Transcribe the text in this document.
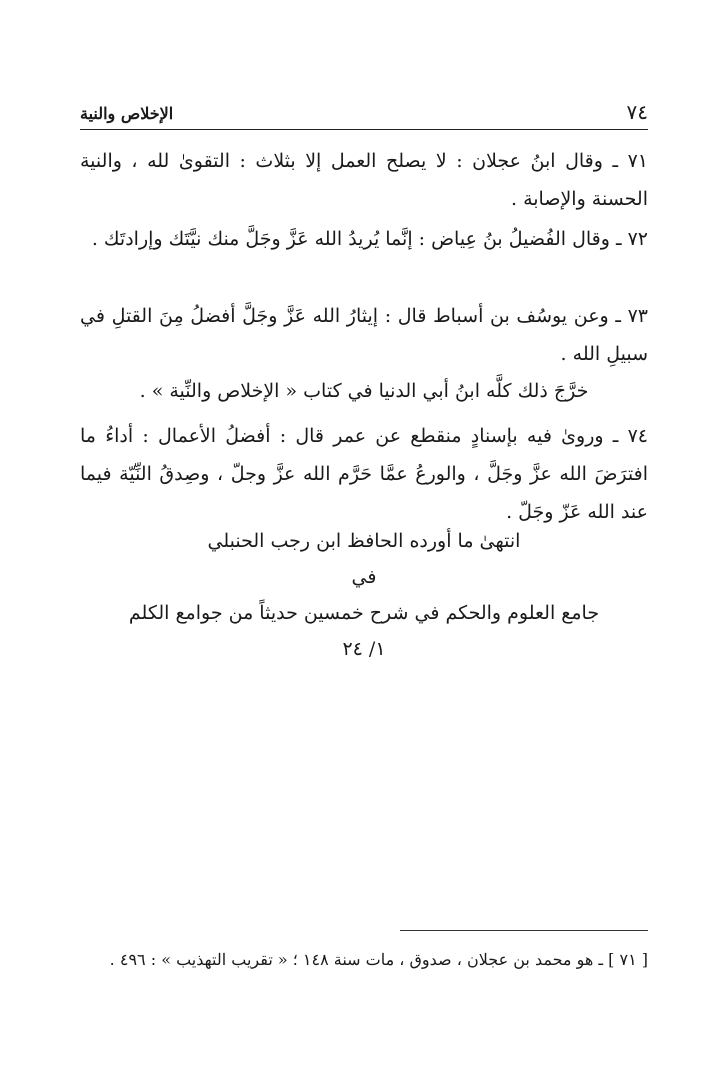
٧٤
الإخلاص والنية
٧١ ـ وقال ابنُ عجلان : لا يصلح العمل إلا بثلاث : التقوىٰ لله ، والنية الحسنة والإصابة .
٧٢ ـ وقال الفُضيلُ بنُ عِياض : إنَّما يُريدُ الله عَزَّ وجَلَّ منك نيَّتَك وإرادتَك .
٧٣ ـ وعن يوسُف بن أسباط قال : إيثارُ الله عَزَّ وجَلَّ أفضلُ مِنَ القتلِ في سبيلِ الله .
خرَّجَ ذلك كلَّه ابنُ أبي الدنيا في كتاب « الإخلاص والنِّية » .
٧٤ ـ وروىٰ فيه بإسنادٍ منقطع عن عمر قال : أفضلُ الأعمال : أداءُ ما افترَضَ الله عزَّ وجَلَّ ، والورعُ عمَّا حَرَّم الله عزَّ وجلّ ، وصِدقُ النِّيّة فيما عند الله عَزّ وجَلّ .
انتهىٰ ما أورده الحافظ ابن رجب الحنبلي
في
جامع العلوم والحكم في شرح خمسين حديثاً من جوامع الكلم
١/ ٢٤
[ ٧١ ] ـ هو محمد بن عجلان ، صدوق ، مات سنة ١٤٨ ؛ « تقريب التهذيب » : ٤٩٦ .
